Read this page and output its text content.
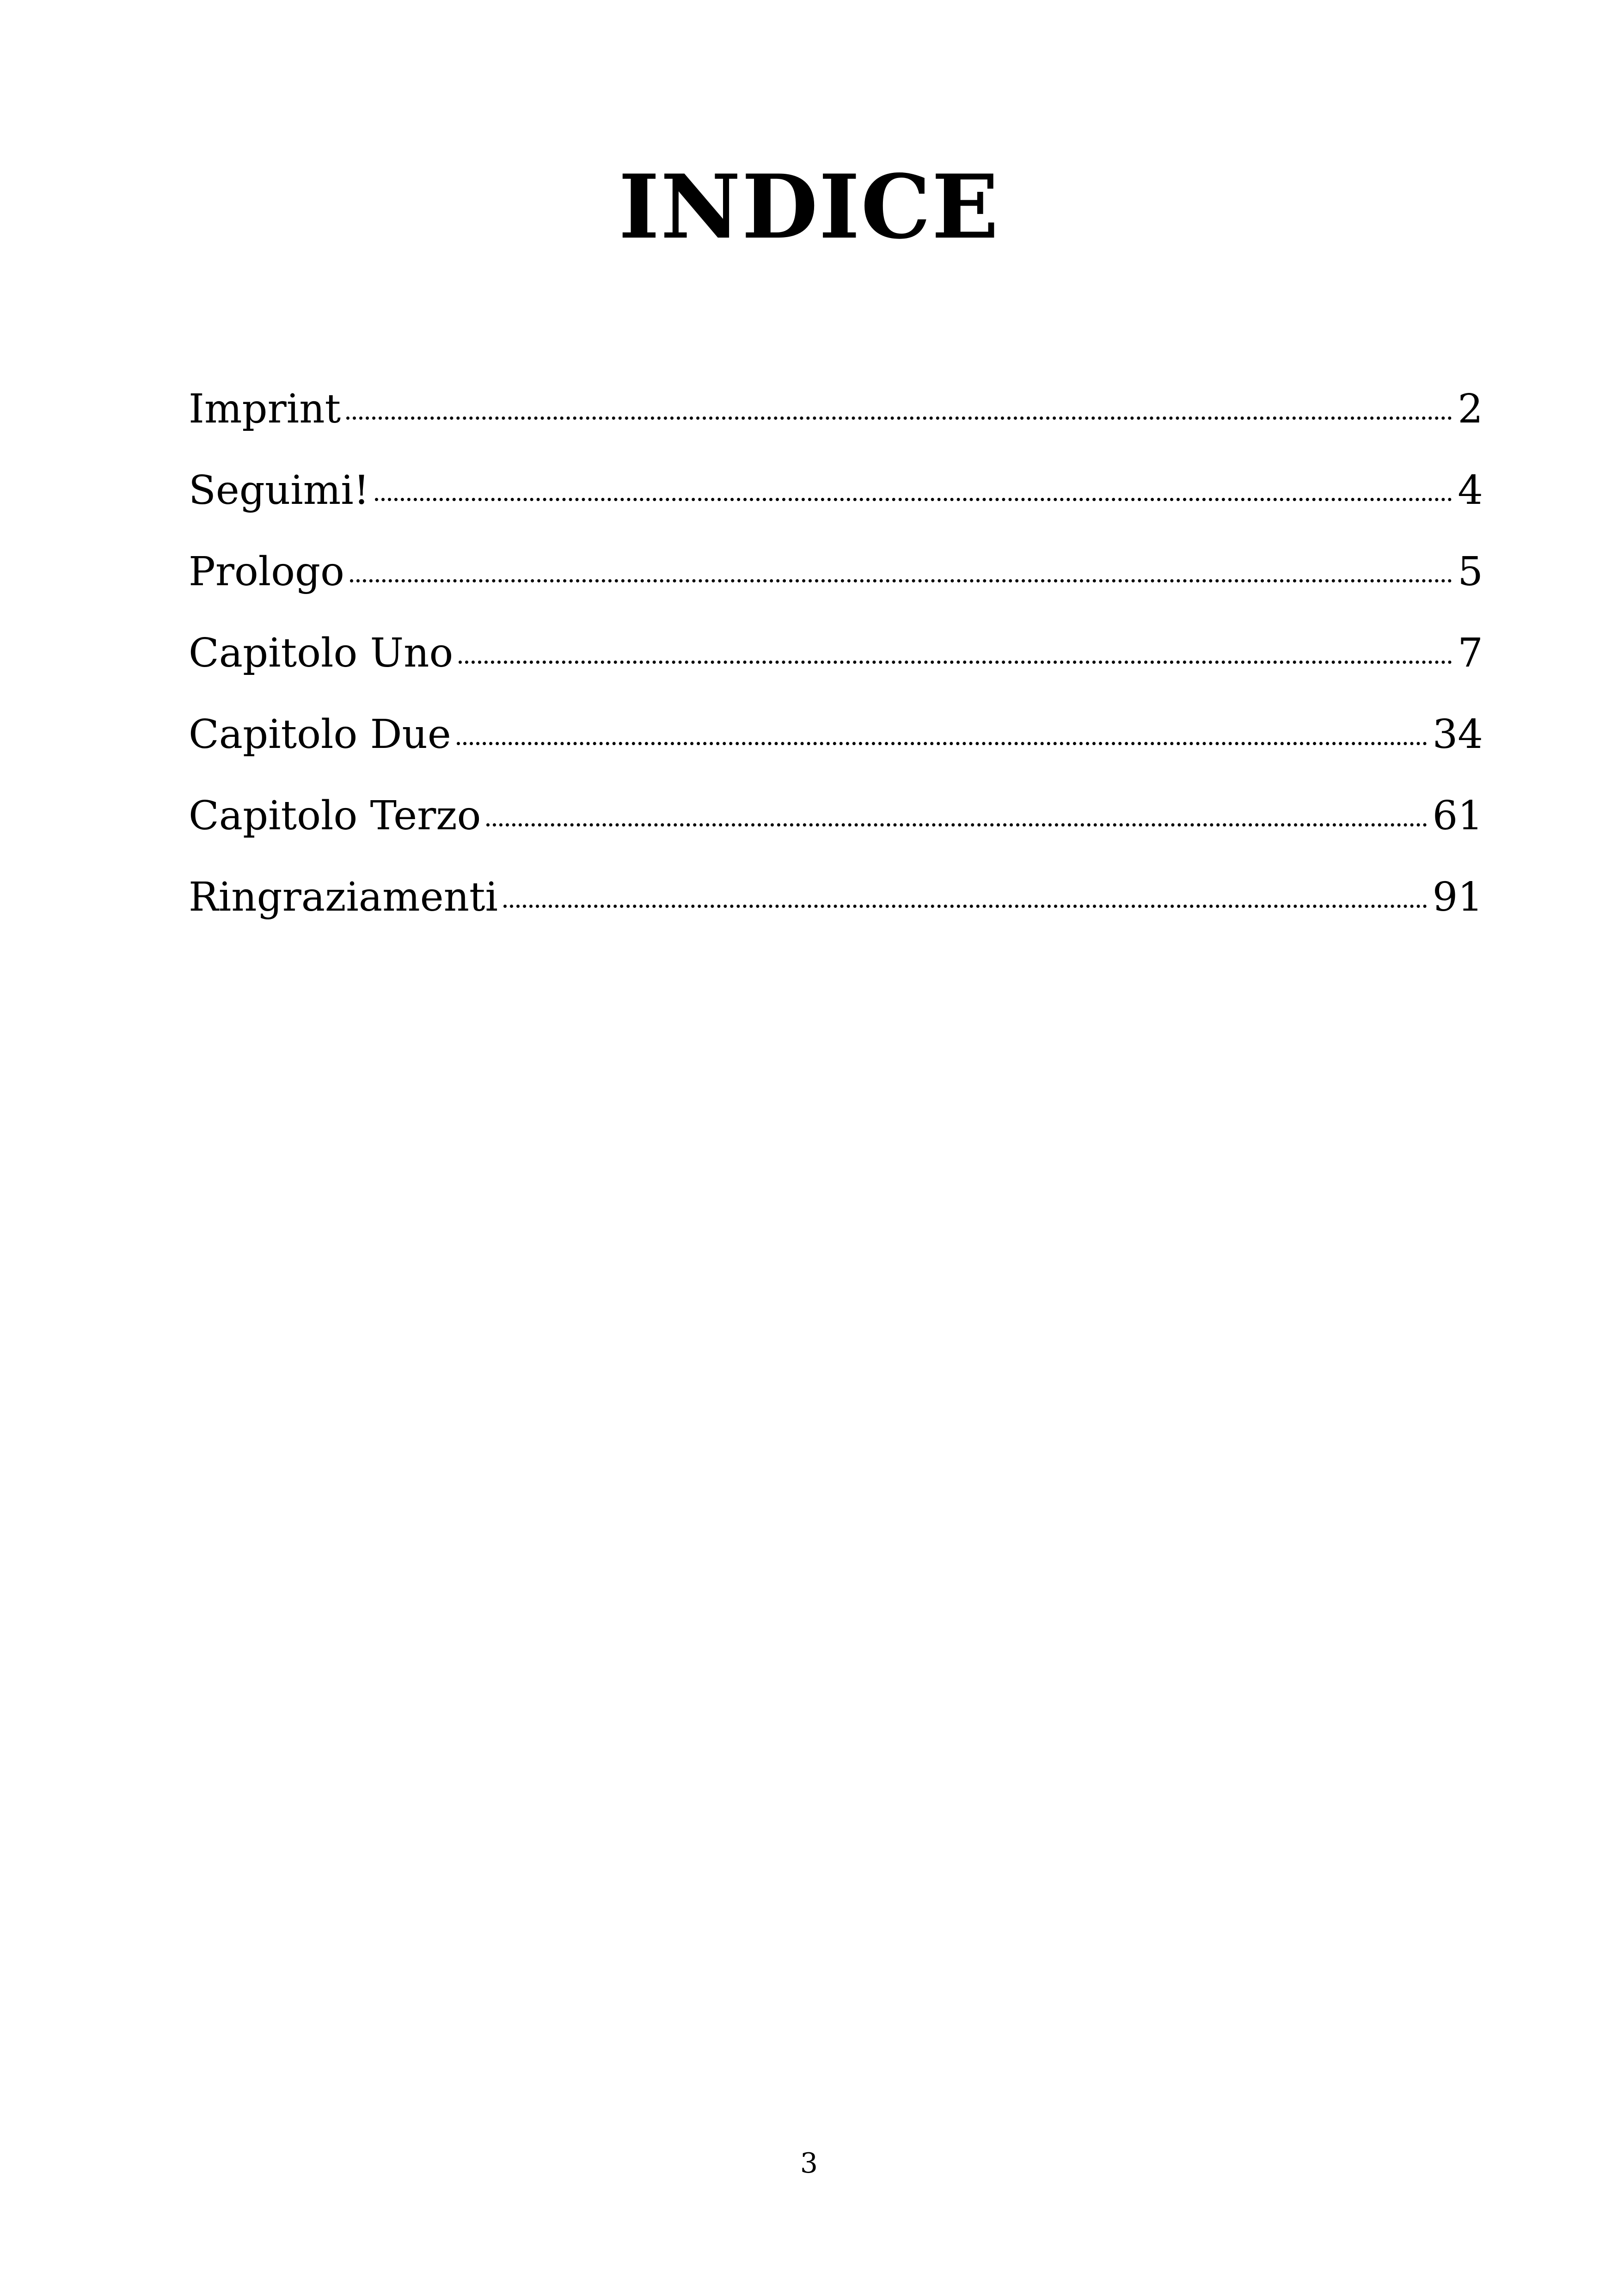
INDICE
Imprint	2
Seguimi!	4
Prologo	5
Capitolo Uno	7
Capitolo Due	34
Capitolo Terzo	61
Ringraziamenti	91
3
